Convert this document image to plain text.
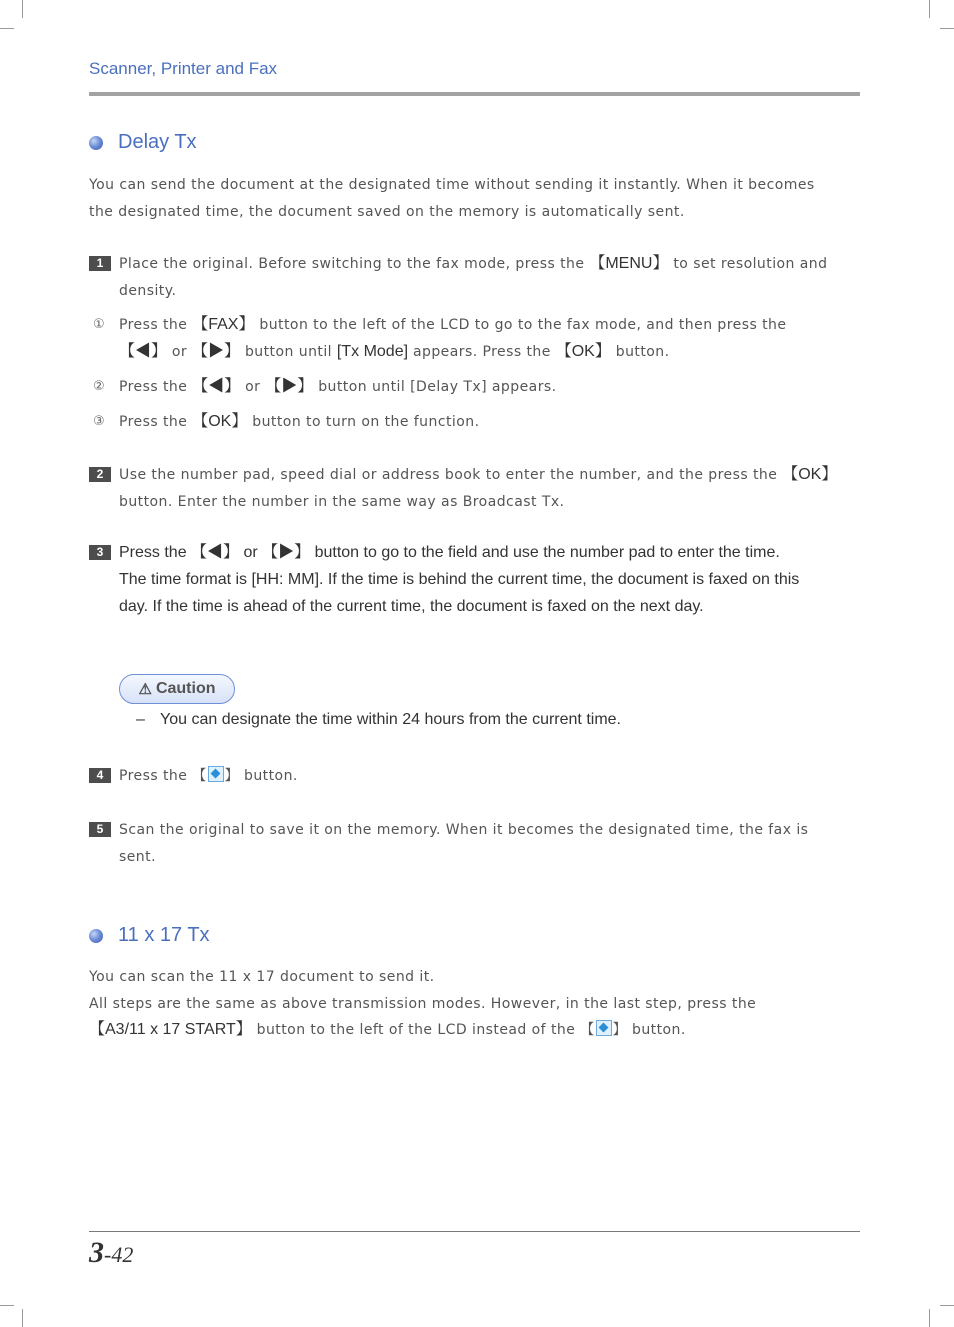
Scanner, Printer and Fax
Delay Tx
You can send the document at the designated time without sending it instantly. When it becomes
the designated time, the document saved on the memory is automatically sent.
1	Place the original. Before switching to the fax mode, press the 【MENU】 to set resolution and
density.
① Press the 【FAX】 button to the left of the LCD to go to the fax mode, and then press the
【◀】 or 【▶】 button until [Tx Mode] appears. Press the 【OK】 button.
② Press the 【◀】 or 【▶】 button until [Delay Tx] appears.
③ Press the 【OK】 button to turn on the function.
2	Use the number pad, speed dial or address book to enter the number, and the press the 【OK】
button. Enter the number in the same way as Broadcast Tx.
3 Press the 【◀】 or 【▶】 button to go to the field and use the number pad to enter the time.
The time format is [HH: MM]. If the time is behind the current time, the document is faxed on this
day. If the time is ahead of the current time, the document is faxed on the next day.
⚠ Caution
– You can designate the time within 24 hours from the current time.
4	Press the 【 】 button.
5	Scan the original to save it on the memory. When it becomes the designated time, the fax is
sent.
11 x 17 Tx
You can scan the 11 x 17 document to send it.
All steps are the same as above transmission modes. However, in the last step, press the
【A3/11 x 17 START】 button to the left of the LCD instead of the 【 】 button.
3-42
